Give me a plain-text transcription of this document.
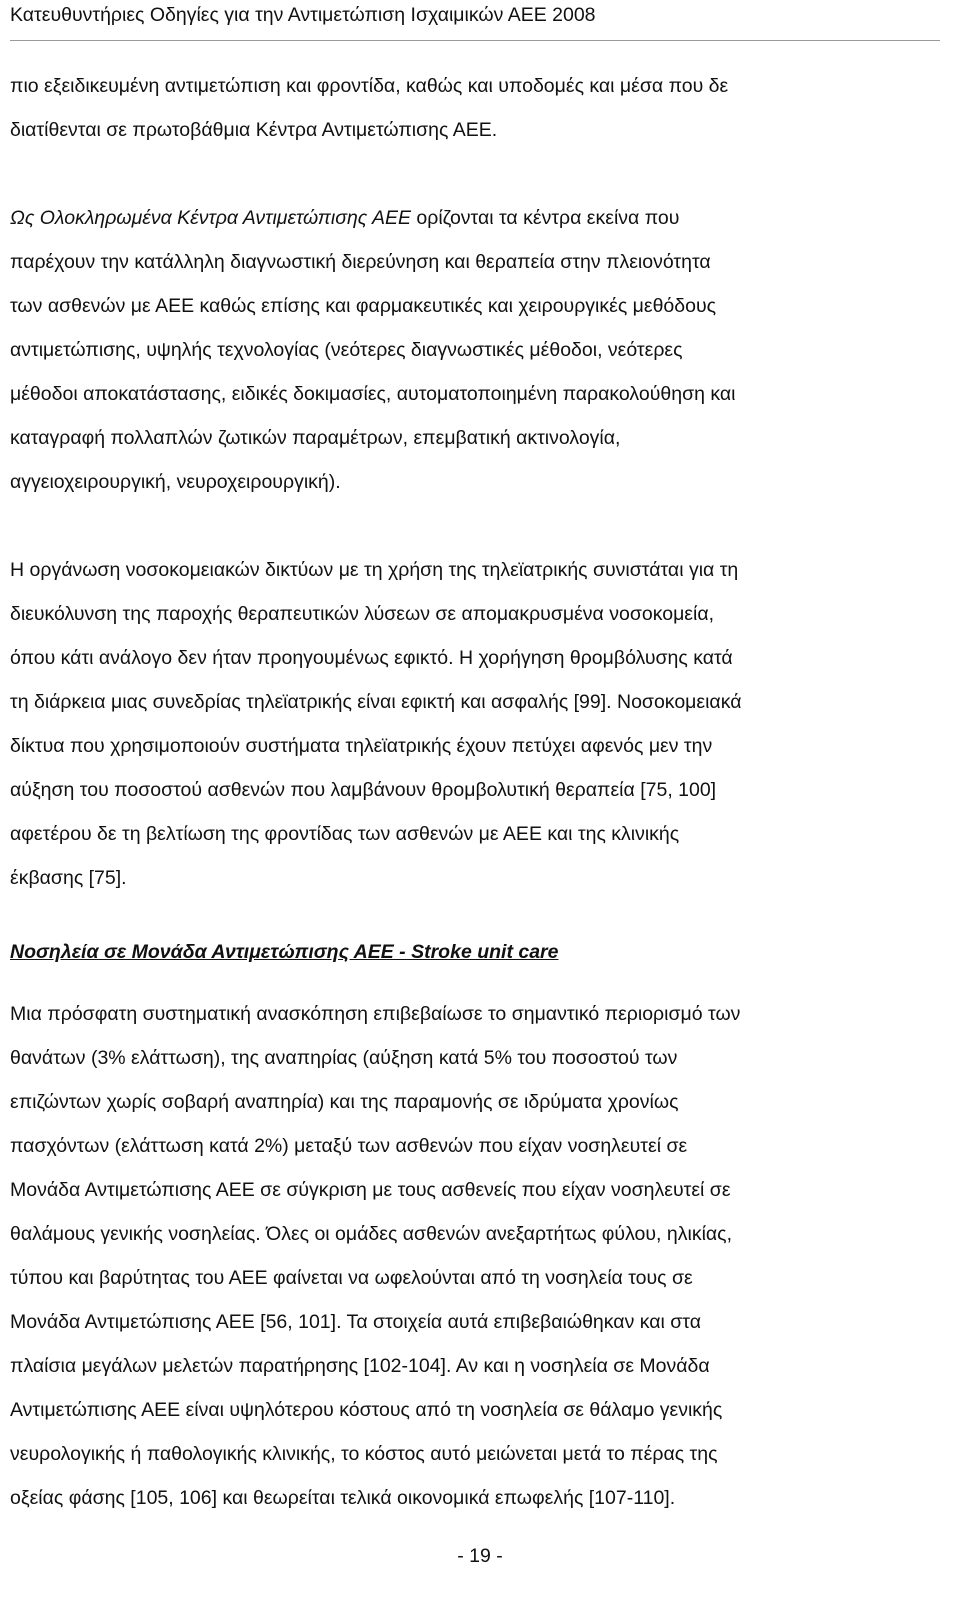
Κατευθυντήριες Οδηγίες για την Αντιμετώπιση Ισχαιμικών ΑΕΕ 2008

πιο εξειδικευμένη αντιμετώπιση και φροντίδα, καθώς και υποδομές και μέσα που δε
διατίθενται σε πρωτοβάθμια Κέντρα Αντιμετώπισης ΑΕΕ.

Ως Ολοκληρωμένα Κέντρα Αντιμετώπισης ΑΕΕ ορίζονται τα κέντρα εκείνα που
παρέχουν την κατάλληλη διαγνωστική διερεύνηση και θεραπεία στην πλειονότητα
των ασθενών με ΑΕΕ καθώς επίσης και φαρμακευτικές και χειρουργικές μεθόδους
αντιμετώπισης, υψηλής τεχνολογίας (νεότερες διαγνωστικές μέθοδοι, νεότερες
μέθοδοι αποκατάστασης, ειδικές δοκιμασίες, αυτοματοποιημένη παρακολούθηση και
καταγραφή πολλαπλών ζωτικών παραμέτρων, επεμβατική ακτινολογία,
αγγειοχειρουργική, νευροχειρουργική).

Η οργάνωση νοσοκομειακών δικτύων με τη χρήση της τηλεϊατρικής συνιστάται για τη
διευκόλυνση της παροχής θεραπευτικών λύσεων σε απομακρυσμένα νοσοκομεία,
όπου κάτι ανάλογο δεν ήταν προηγουμένως εφικτό. Η χορήγηση θρομβόλυσης κατά
τη διάρκεια μιας συνεδρίας τηλεϊατρικής είναι εφικτή και ασφαλής [99]. Νοσοκομειακά
δίκτυα που χρησιμοποιούν συστήματα τηλεϊατρικής έχουν πετύχει αφενός μεν την
αύξηση του ποσοστού ασθενών που λαμβάνουν θρομβολυτική θεραπεία [75, 100]
αφετέρου δε τη βελτίωση της φροντίδας των ασθενών με ΑΕΕ και της κλινικής
έκβασης [75].

Νοσηλεία σε Μονάδα Αντιμετώπισης ΑΕΕ - Stroke unit care

Μια πρόσφατη συστηματική ανασκόπηση επιβεβαίωσε το σημαντικό περιορισμό των
θανάτων (3% ελάττωση), της αναπηρίας (αύξηση κατά 5% του ποσοστού των
επιζώντων χωρίς σοβαρή αναπηρία) και της παραμονής σε ιδρύματα χρονίως
πασχόντων (ελάττωση κατά 2%) μεταξύ των ασθενών που είχαν νοσηλευτεί σε
Μονάδα Αντιμετώπισης ΑΕΕ σε σύγκριση με τους ασθενείς που είχαν νοσηλευτεί σε
θαλάμους γενικής νοσηλείας. Όλες οι ομάδες ασθενών ανεξαρτήτως φύλου, ηλικίας,
τύπου και βαρύτητας του ΑΕΕ φαίνεται να ωφελούνται από τη νοσηλεία τους σε
Μονάδα Αντιμετώπισης ΑΕΕ [56, 101]. Τα στοιχεία αυτά επιβεβαιώθηκαν και στα
πλαίσια μεγάλων μελετών παρατήρησης [102-104]. Αν και η νοσηλεία σε Μονάδα
Αντιμετώπισης ΑΕΕ είναι υψηλότερου κόστους από τη νοσηλεία σε θάλαμο γενικής
νευρολογικής ή παθολογικής κλινικής, το κόστος αυτό μειώνεται μετά το πέρας της
οξείας φάσης [105, 106] και θεωρείται τελικά οικονομικά επωφελής [107-110].

- 19 -
